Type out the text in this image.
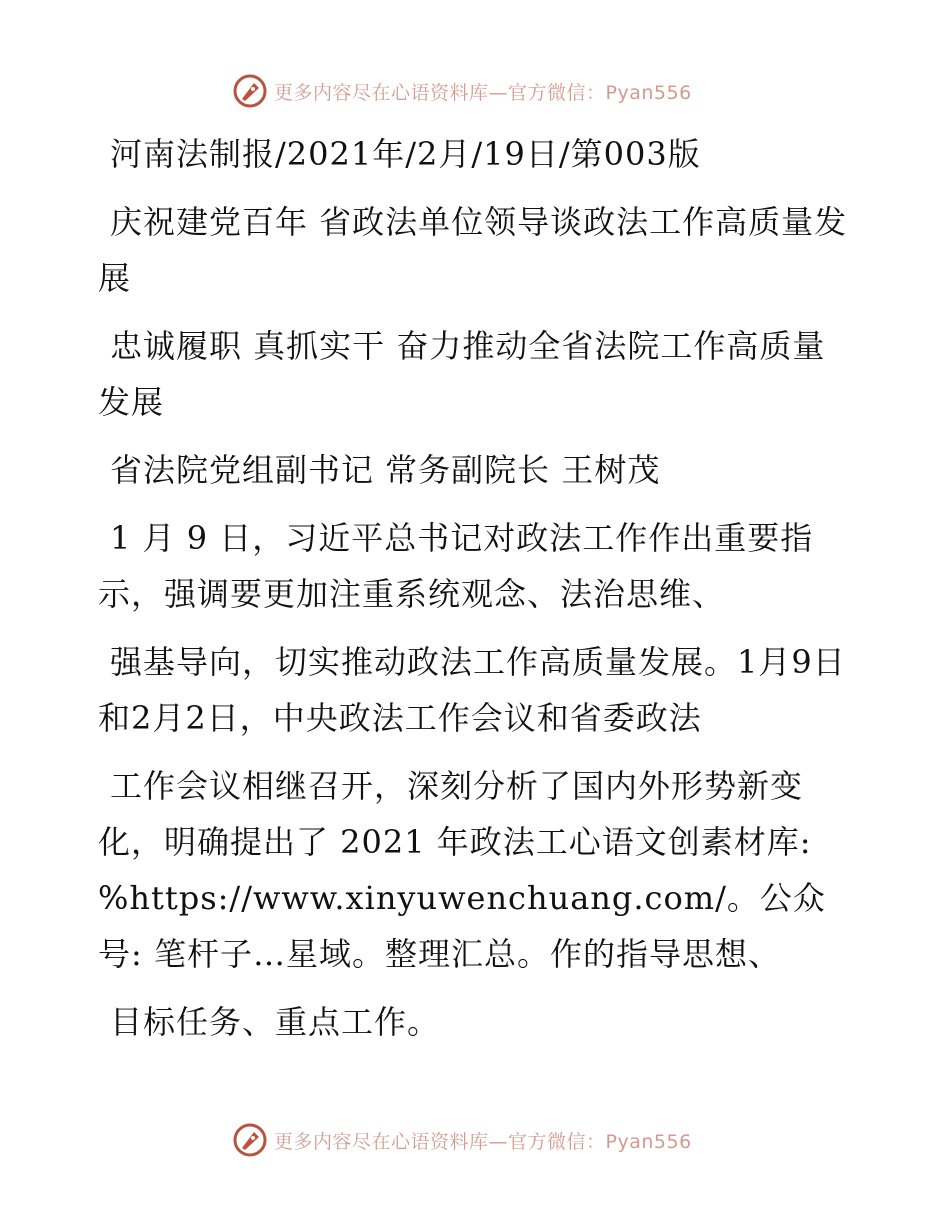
更多内容尽在心语资料库—官方微信：Pyan556

河南法制报/2021年/2月/19日/第003版

庆祝建党百年 省政法单位领导谈政法工作高质量发展

忠诚履职 真抓实干 奋力推动全省法院工作高质量发展

省法院党组副书记 常务副院长 王树茂

1 月 9 日，习近平总书记对政法工作作出重要指示，强调要更加注重系统观念、法治思维、

强基导向，切实推动政法工作高质量发展。1月9日和2月2日，中央政法工作会议和省委政法

工作会议相继召开，深刻分析了国内外形势新变化，明确提出了 2021 年政法工心语文创素材库: %https://www.xinyuwenchuang.com/。公众号: 笔杆子…星域。整理汇总。作的指导思想、

目标任务、重点工作。

更多内容尽在心语资料库—官方微信：Pyan556
